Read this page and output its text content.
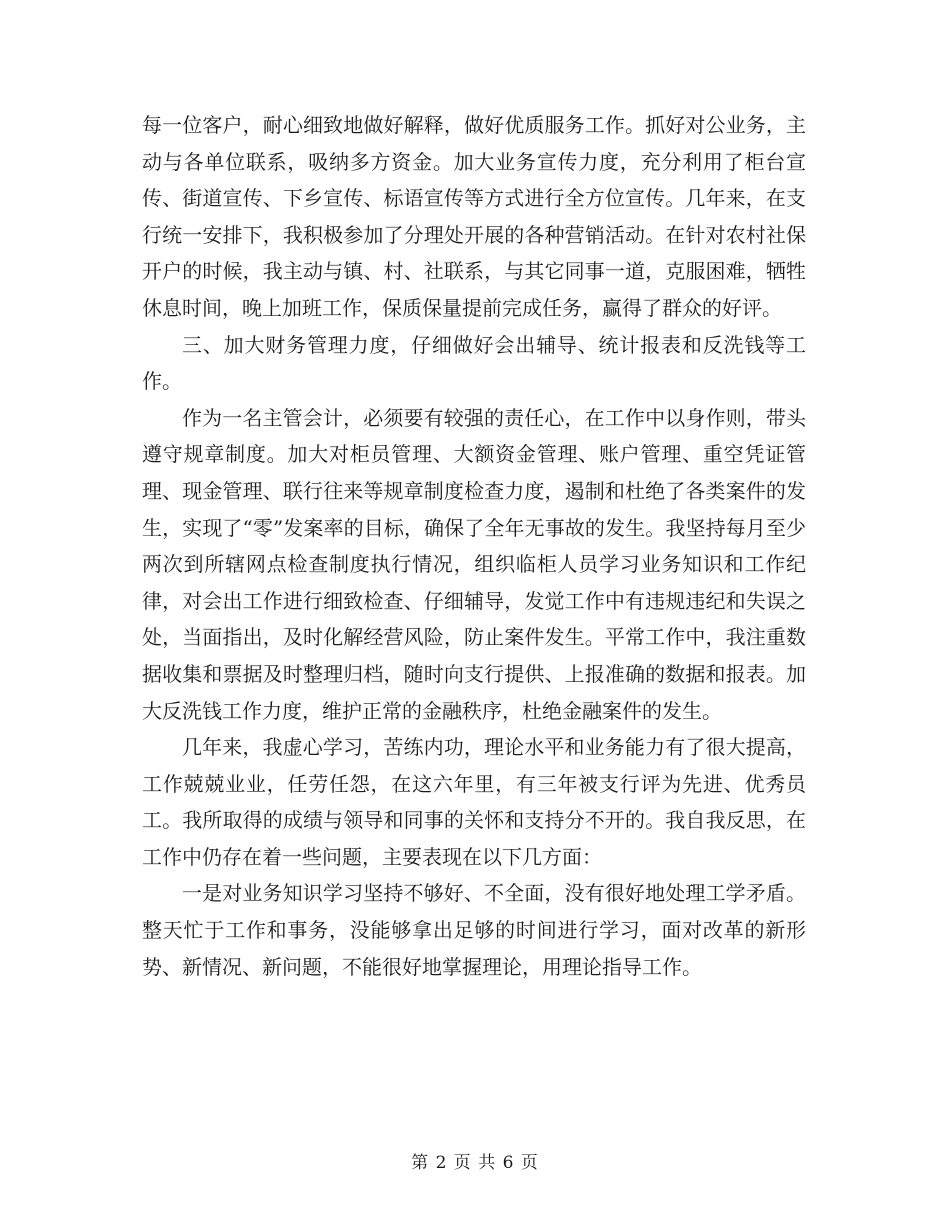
每一位客户，耐心细致地做好解释，做好优质服务工作。抓好对公业务，主动与各单位联系，吸纳多方资金。加大业务宣传力度，充分利用了柜台宣传、街道宣传、下乡宣传、标语宣传等方式进行全方位宣传。几年来，在支行统一安排下，我积极参加了分理处开展的各种营销活动。在针对农村社保开户的时候，我主动与镇、村、社联系，与其它同事一道，克服困难，牺牲休息时间，晚上加班工作，保质保量提前完成任务，赢得了群众的好评。

三、加大财务管理力度，仔细做好会出辅导、统计报表和反洗钱等工作。

作为一名主管会计，必须要有较强的责任心，在工作中以身作则，带头遵守规章制度。加大对柜员管理、大额资金管理、账户管理、重空凭证管理、现金管理、联行往来等规章制度检查力度，遏制和杜绝了各类案件的发生，实现了“零”发案率的目标，确保了全年无事故的发生。我坚持每月至少两次到所辖网点检查制度执行情况，组织临柜人员学习业务知识和工作纪律，对会出工作进行细致检查、仔细辅导，发觉工作中有违规违纪和失误之处，当面指出，及时化解经营风险，防止案件发生。平常工作中，我注重数据收集和票据及时整理归档，随时向支行提供、上报准确的数据和报表。加大反洗钱工作力度，维护正常的金融秩序，杜绝金融案件的发生。

几年来，我虚心学习，苦练内功，理论水平和业务能力有了很大提高，工作兢兢业业，任劳任怨，在这六年里，有三年被支行评为先进、优秀员工。我所取得的成绩与领导和同事的关怀和支持分不开的。我自我反思，在工作中仍存在着一些问题，主要表现在以下几方面：

一是对业务知识学习坚持不够好、不全面，没有很好地处理工学矛盾。整天忙于工作和事务，没能够拿出足够的时间进行学习，面对改革的新形势、新情况、新问题，不能很好地掌握理论，用理论指导工作。

第 2 页 共 6 页
